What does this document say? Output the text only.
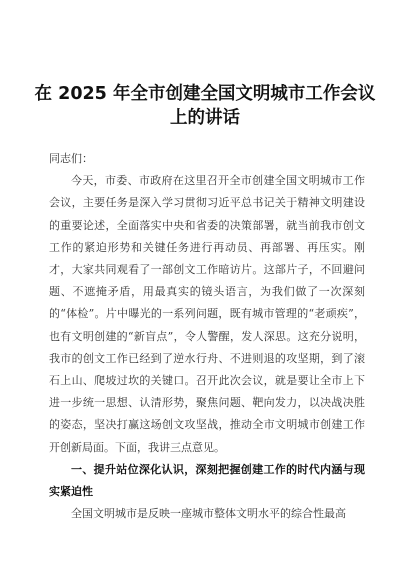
在 2025 年全市创建全国文明城市工作会议上的讲话

同志们：

今天，市委、市政府在这里召开全市创建全国文明城市工作会议，主要任务是深入学习贯彻习近平总书记关于精神文明建设的重要论述，全面落实中央和省委的决策部署，就当前我市创文工作的紧迫形势和关键任务进行再动员、再部署、再压实。刚才，大家共同观看了一部创文工作暗访片。这部片子，不回避问题、不遮掩矛盾，用最真实的镜头语言，为我们做了一次深刻的“体检”。片中曝光的一系列问题，既有城市管理的“老顽疾”，也有文明创建的“新盲点”，令人警醒，发人深思。这充分说明，我市的创文工作已经到了逆水行舟、不进则退的攻坚期，到了滚石上山、爬坡过坎的关键口。召开此次会议，就是要让全市上下进一步统一思想、认清形势，聚焦问题、靶向发力，以决战决胜的姿态，坚决打赢这场创文攻坚战，推动全市文明城市创建工作开创新局面。下面，我讲三点意见。

一、提升站位深化认识，深刻把握创建工作的时代内涵与现实紧迫性

全国文明城市是反映一座城市整体文明水平的综合性最高
